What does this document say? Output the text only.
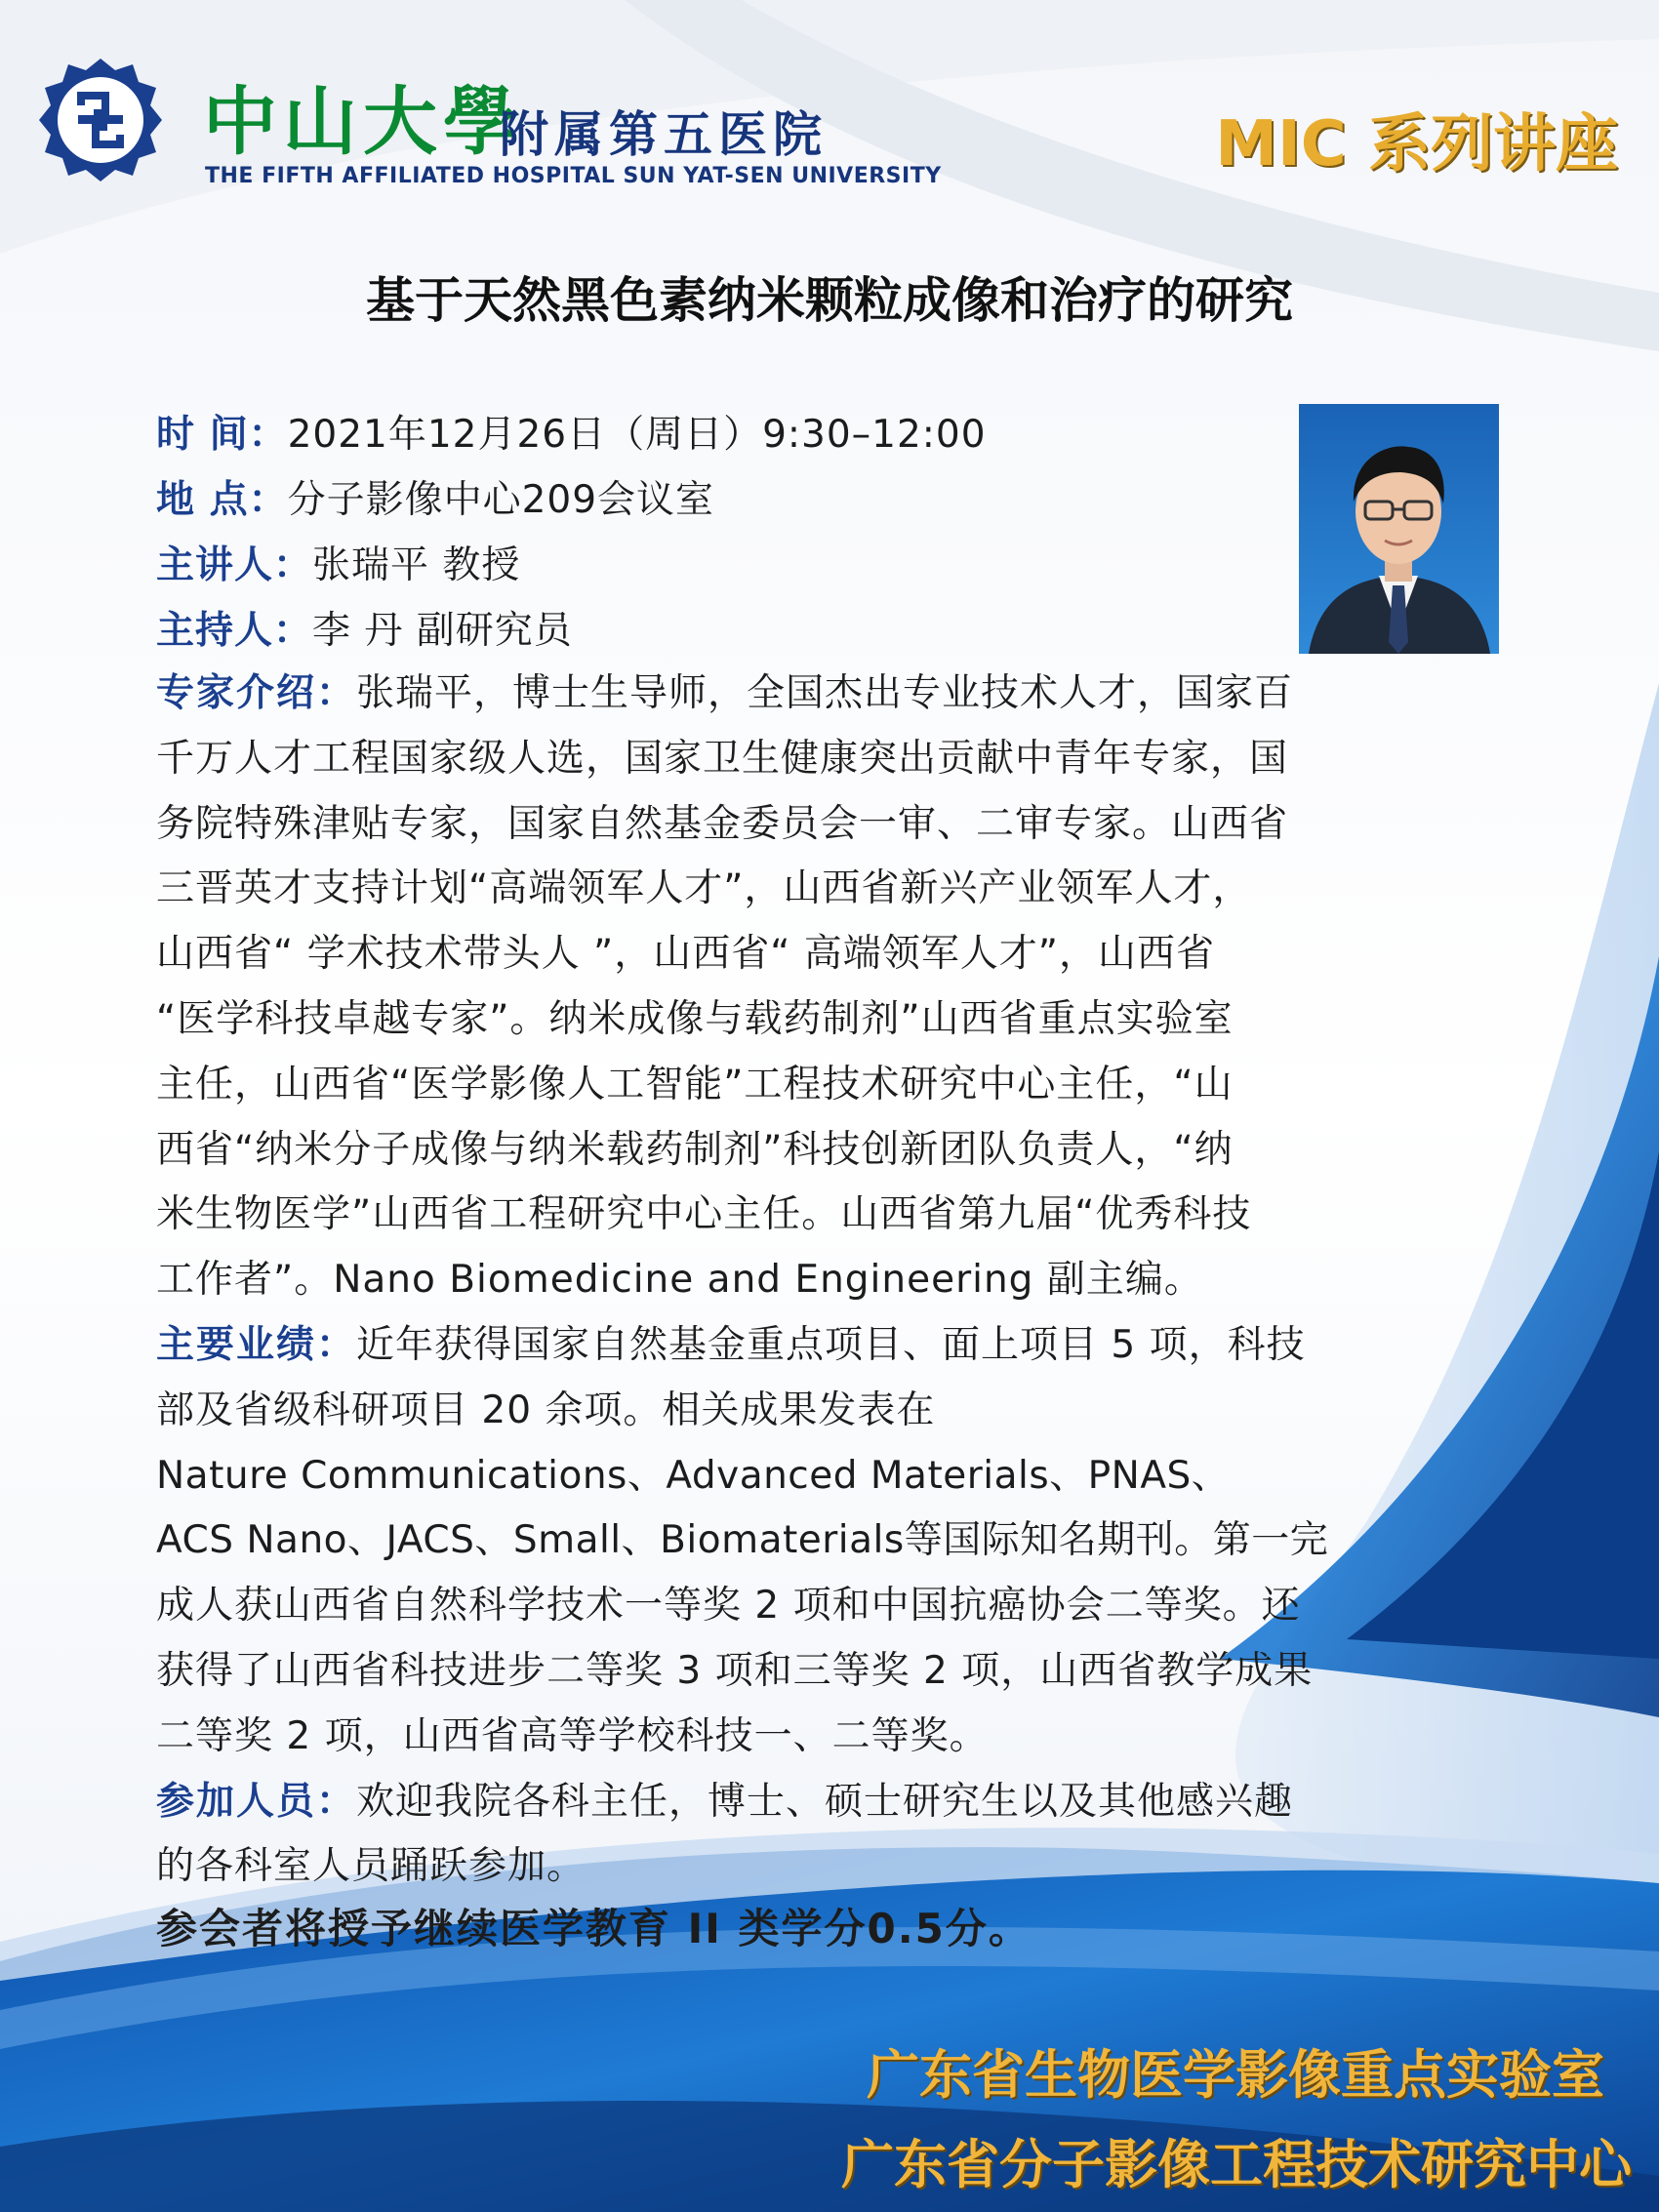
中山大學
附属第五医院
THE FIFTH AFFILIATED HOSPITAL SUN YAT-SEN UNIVERSITY	MIC 系列讲座
基于天然黑色素纳米颗粒成像和治疗的研究
时 间：2021年12月26日（周日）9:30–12:00
地 点：分子影像中心209会议室
主讲人：张瑞平 教授
主持人：李 丹 副研究员
专家介绍：张瑞平，博士生导师，全国杰出专业技术人才，国家百
千万人才工程国家级人选，国家卫生健康突出贡献中青年专家，国
务院特殊津贴专家，国家自然基金委员会一审、二审专家。山西省
三晋英才支持计划“高端领军人才”，山西省新兴产业领军人才，
山西省“ 学术技术带头人 ”，山西省“ 高端领军人才”，山西省
“医学科技卓越专家”。纳米成像与载药制剂”山西省重点实验室
主任，山西省“医学影像人工智能”工程技术研究中心主任，“山
西省“纳米分子成像与纳米载药制剂”科技创新团队负责人，“纳
米生物医学”山西省工程研究中心主任。山西省第九届“优秀科技
工作者”。Nano Biomedicine and Engineering 副主编。
主要业绩：近年获得国家自然基金重点项目、面上项目 5 项，科技
部及省级科研项目 20 余项。相关成果发表在
Nature Communications、Advanced Materials、PNAS、
ACS Nano、JACS、Small、Biomaterials等国际知名期刊。第一完
成人获山西省自然科学技术一等奖 2 项和中国抗癌协会二等奖。还
获得了山西省科技进步二等奖 3 项和三等奖 2 项，山西省教学成果
二等奖 2 项，山西省高等学校科技一、二等奖。
参加人员：欢迎我院各科主任，博士、硕士研究生以及其他感兴趣
的各科室人员踊跃参加。
参会者将授予继续医学教育 II 类学分0.5分。
广东省生物医学影像重点实验室
广东省分子影像工程技术研究中心
